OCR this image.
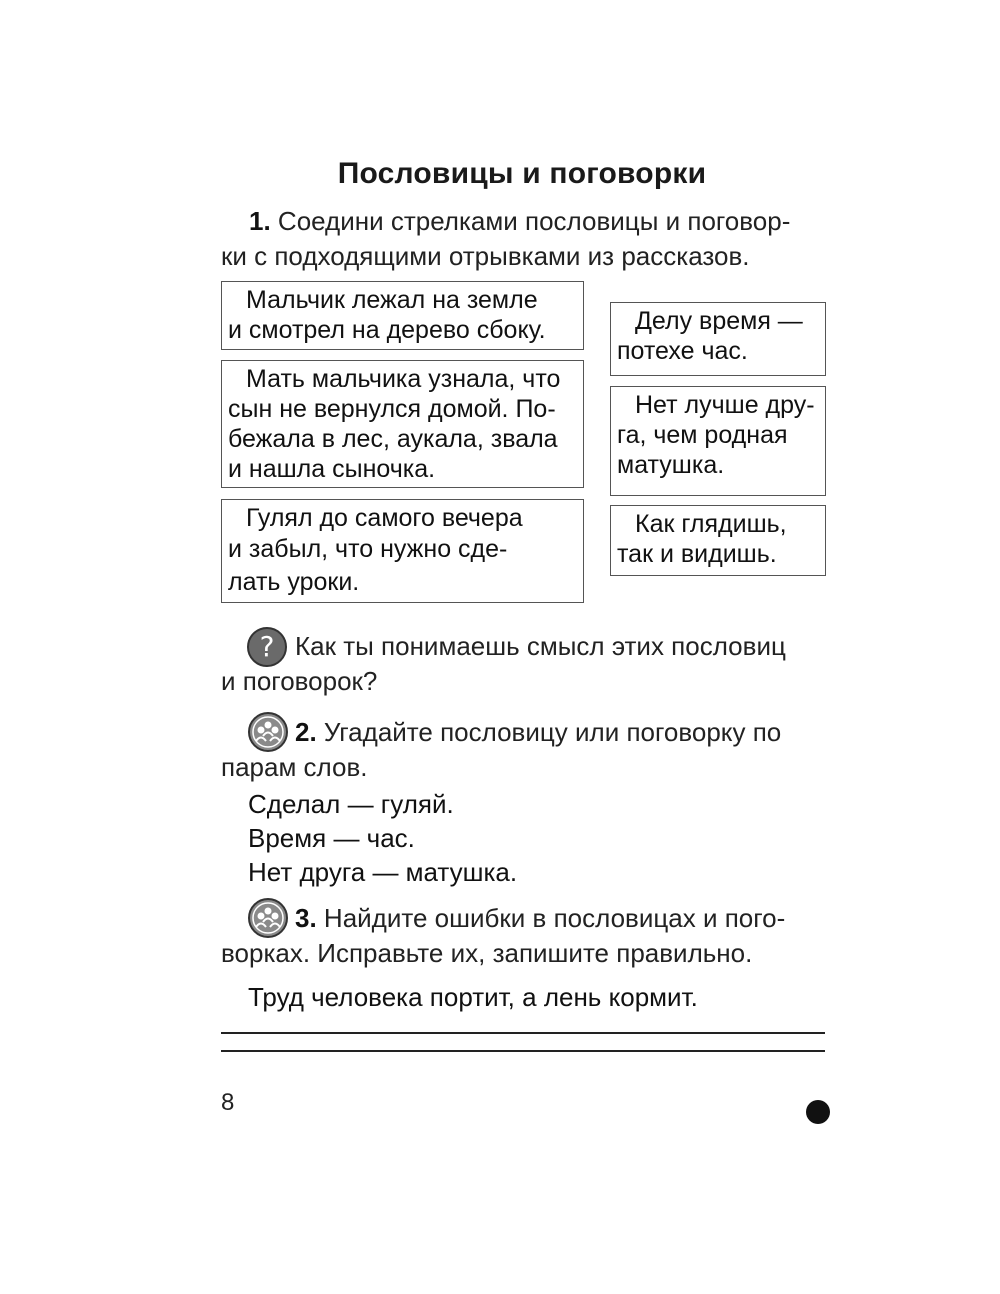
Пословицы и поговорки
1. Соедини стрелками пословицы и поговор-
ки с подходящими отрывками из рассказов.
Мальчик лежал на земле
и смотрел на дерево сбоку.
Мать мальчика узнала, что
сын не вернулся домой. По-
бежала в лес, аукала, звала
и нашла сыночка.
Гулял до самого вечера
и забыл, что нужно сде-
лать уроки.
Делу время —
потехе час.
Нет лучше дру-
га, чем родная
матушка.
Как глядишь,
так и видишь.
? Как ты понимаешь смысл этих пословиц
и поговорок?
2. Угадайте пословицу или поговорку по
парам слов.
Сделал — гуляй.
Время — час.
Нет друга — матушка.
3. Найдите ошибки в пословицах и пого-
ворках. Исправьте их, запишите правильно.
Труд человека портит, а лень кормит.
8
